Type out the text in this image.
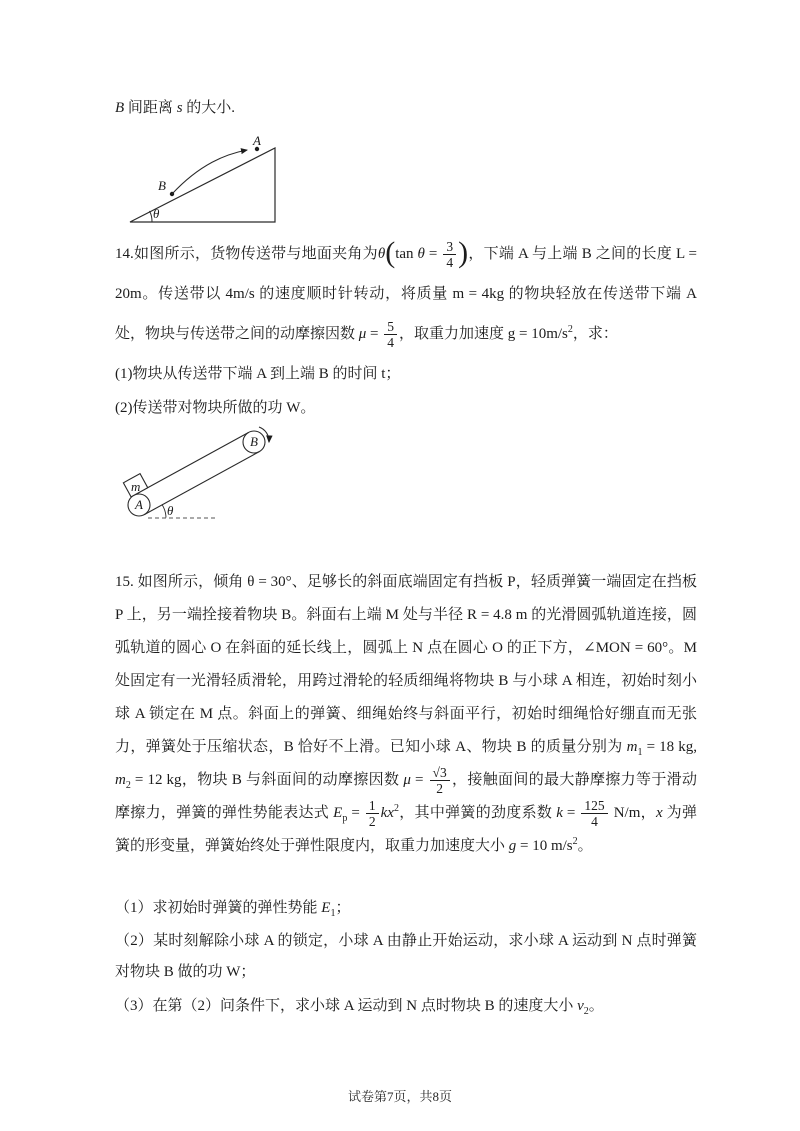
B 间距离 s 的大小.
θ
B
A
14.如图所示，货物传送带与地面夹角为θ(tan $\theta = \frac{3}{4}$ )，下端 A 与上端 B 之间的长度 L = 20m。传送带以 4m/s 的速度顺时针转动，将质量 m = 4kg 的物块轻放在传送带下端 A 处，物块与传送带之间的动摩擦因数 $\mu = \frac{5}{4}$ ，取重力加速度 $g = 10m/s^2$，求：
(1)物块从传送带下端 A 到上端 B 的时间 t；
(2)传送带对物块所做的功 W。
A
B
m
θ
15. 如图所示，倾角 θ = 30°、足够长的斜面底端固定有挡板 P，轻质弹簧一端固定在挡板 P 上，另一端拴接着物块 B。斜面右上端 M 处与半径 R = 4.8 m 的光滑圆弧轨道连接，圆弧轨道的圆心 O 在斜面的延长线上，圆弧上 N 点在圆心 O 的正下方，∠MON = 60°。M 处固定有一光滑轻质滑轮，用跨过滑轮的轻质细绳将物块 B 与小球 A 相连，初始时刻小球 A 锁定在 M 点。斜面上的弹簧、细绳始终与斜面平行，初始时细绳恰好绷直而无张力，弹簧处于压缩状态，B 恰好不上滑。已知小球 A、物块 B 的质量分别为 $m_1 = 18$ kg, $m_2 = 12$ kg，物块 B 与斜面间的动摩擦因数 $\mu = \frac{√3}{2}$ ，接触面间的最大静摩擦力等于滑动摩擦力，弹簧的弹性势能表达式 $E_p = \frac{1}{2} kx^2$，其中弹簧的劲度系数 $k = \frac{125}{4} N/m$，x 为弹簧的形变量，弹簧始终处于弹性限度内，取重力加速度大小 g = 10 $m/s^2$。
（1）求初始时弹簧的弹性势能 $E_1$；
（2）某时刻解除小球 A 的锁定，小球 A 由静止开始运动，求小球 A 运动到 N 点时弹簧对物块 B 做的功 W；
（3）在第（2）问条件下，求小球 A 运动到 N 点时物块 B 的速度大小 $v_2$。
试卷第7页，共8页
